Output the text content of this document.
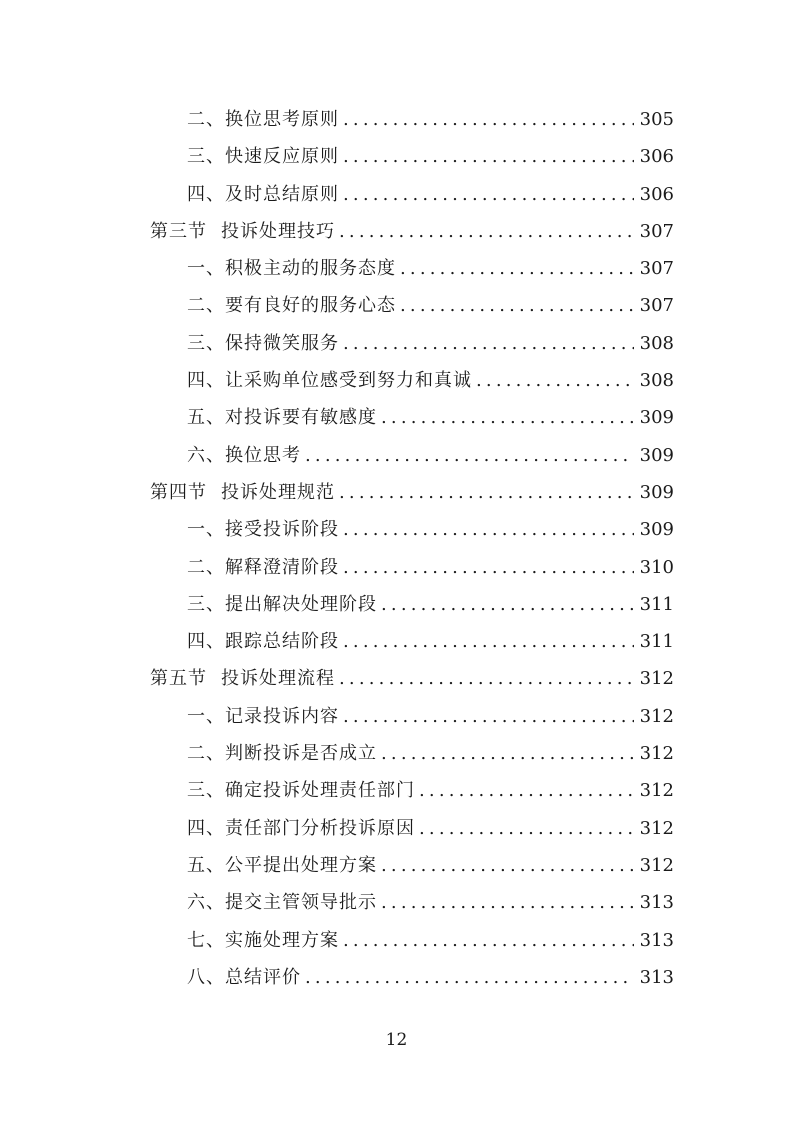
二、换位思考原则 .....	305
三、快速反应原则 .....	306
四、及时总结原则 .....	306
第三节 投诉处理技巧 .....	307
一、积极主动的服务态度 .....	307
二、要有良好的服务心态 .....	307
三、保持微笑服务 .....	308
四、让采购单位感受到努力和真诚 .....	308
五、对投诉要有敏感度 .....	309
六、换位思考 .....	309
第四节 投诉处理规范 .....	309
一、接受投诉阶段 .....	309
二、解释澄清阶段 .....	310
三、提出解决处理阶段 .....	311
四、跟踪总结阶段 .....	311
第五节 投诉处理流程 .....	312
一、记录投诉内容 .....	312
二、判断投诉是否成立 .....	312
三、确定投诉处理责任部门 .....	312
四、责任部门分析投诉原因 .....	312
五、公平提出处理方案 .....	312
六、提交主管领导批示 .....	313
七、实施处理方案 .....	313
八、总结评价 .....	313
12
